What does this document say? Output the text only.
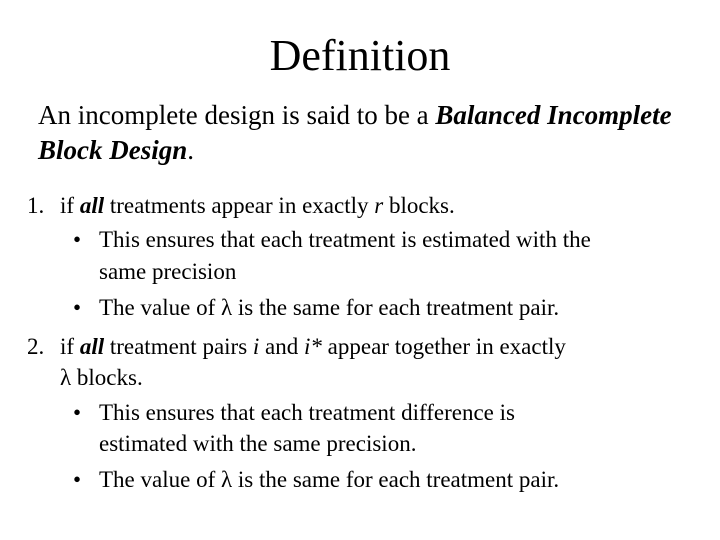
Definition
An incomplete design is said to be a Balanced Incomplete Block Design.
1. if all treatments appear in exactly r blocks.
• This ensures that each treatment is estimated with the
same precision
• The value of λ is the same for each treatment pair.
2. if all treatment pairs i and i* appear together in exactly
λ blocks.
• This ensures that each treatment difference is
estimated with the same precision.
• The value of λ is the same for each treatment pair.
